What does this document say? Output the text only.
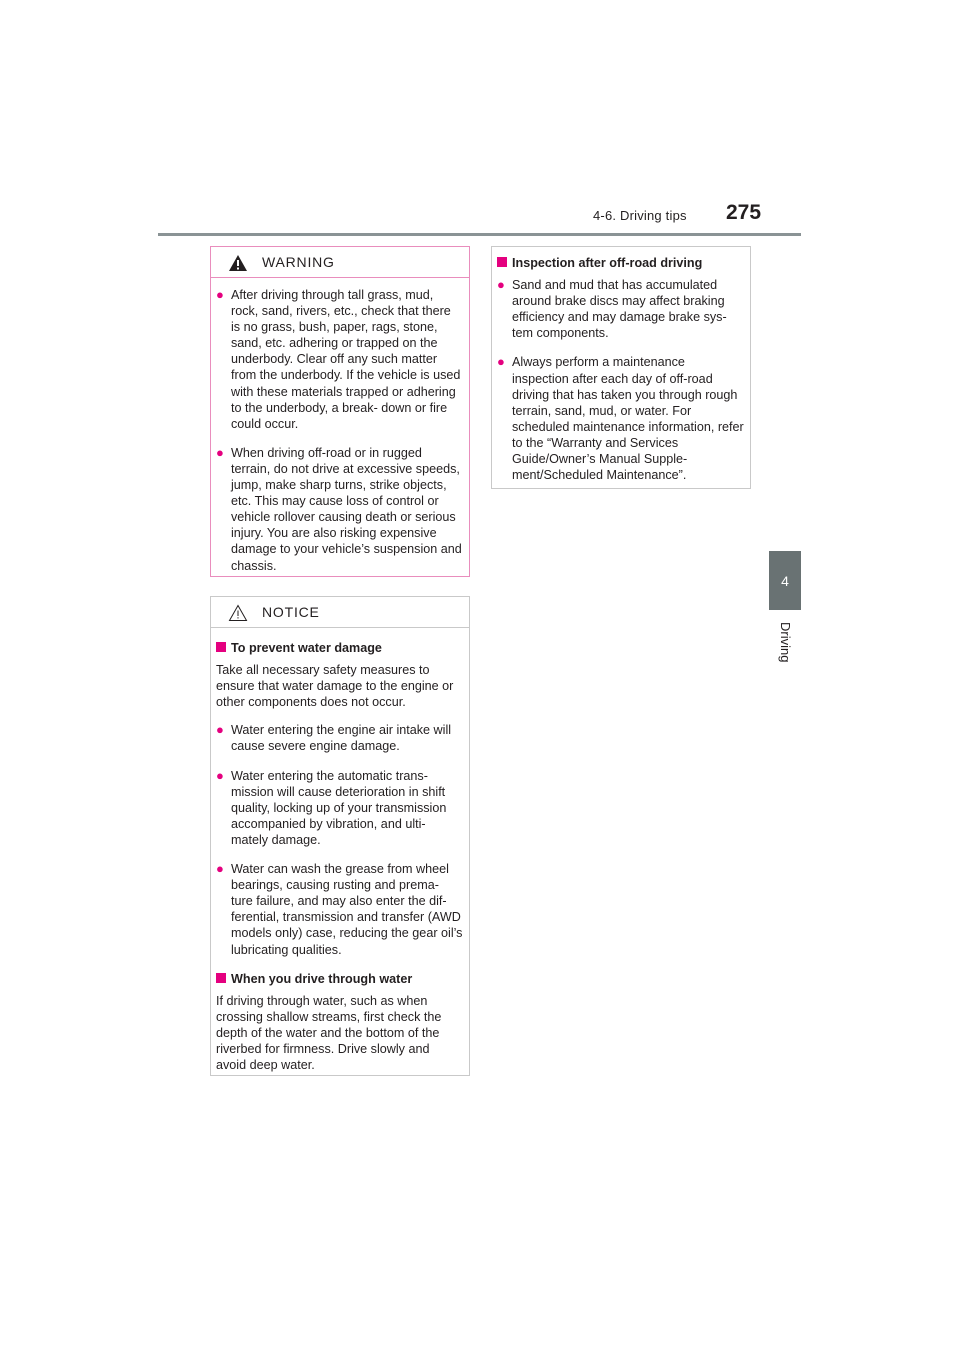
4-6. Driving tips 275
4
Driving
WARNING
● After driving through tall grass, mud, rock, sand, rivers, etc., check that there is no grass, bush, paper, rags, stone, sand, etc. adhering or trapped on the underbody. Clear off any such matter from the underbody. If the vehicle is used with these materials trapped or adhering to the underbody, a break- down or fire could occur.
● When driving off-road or in rugged terrain, do not drive at excessive speeds, jump, make sharp turns, strike objects, etc. This may cause loss of control or vehicle rollover causing death or serious injury. You are also risking expensive damage to your vehicle’s suspension and chassis.
NOTICE
To prevent water damage
Take all necessary safety measures to ensure that water damage to the engine or other components does not occur.
● Water entering the engine air intake will cause severe engine damage.
● Water entering the automatic trans- mission will cause deterioration in shift quality, locking up of your transmission accompanied by vibration, and ulti- mately damage.
● Water can wash the grease from wheel bearings, causing rusting and prema- ture failure, and may also enter the dif- ferential, transmission and transfer (AWD models only) case, reducing the gear oil’s lubricating qualities.
When you drive through water
If driving through water, such as when crossing shallow streams, first check the depth of the water and the bottom of the riverbed for firmness. Drive slowly and avoid deep water.
Inspection after off-road driving
● Sand and mud that has accumulated around brake discs may affect braking efficiency and may damage brake sys- tem components.
● Always perform a maintenance inspection after each day of off-road driving that has taken you through rough terrain, sand, mud, or water. For scheduled maintenance information, refer to the “Warranty and Services Guide/Owner’s Manual Supple- ment/Scheduled Maintenance”.
